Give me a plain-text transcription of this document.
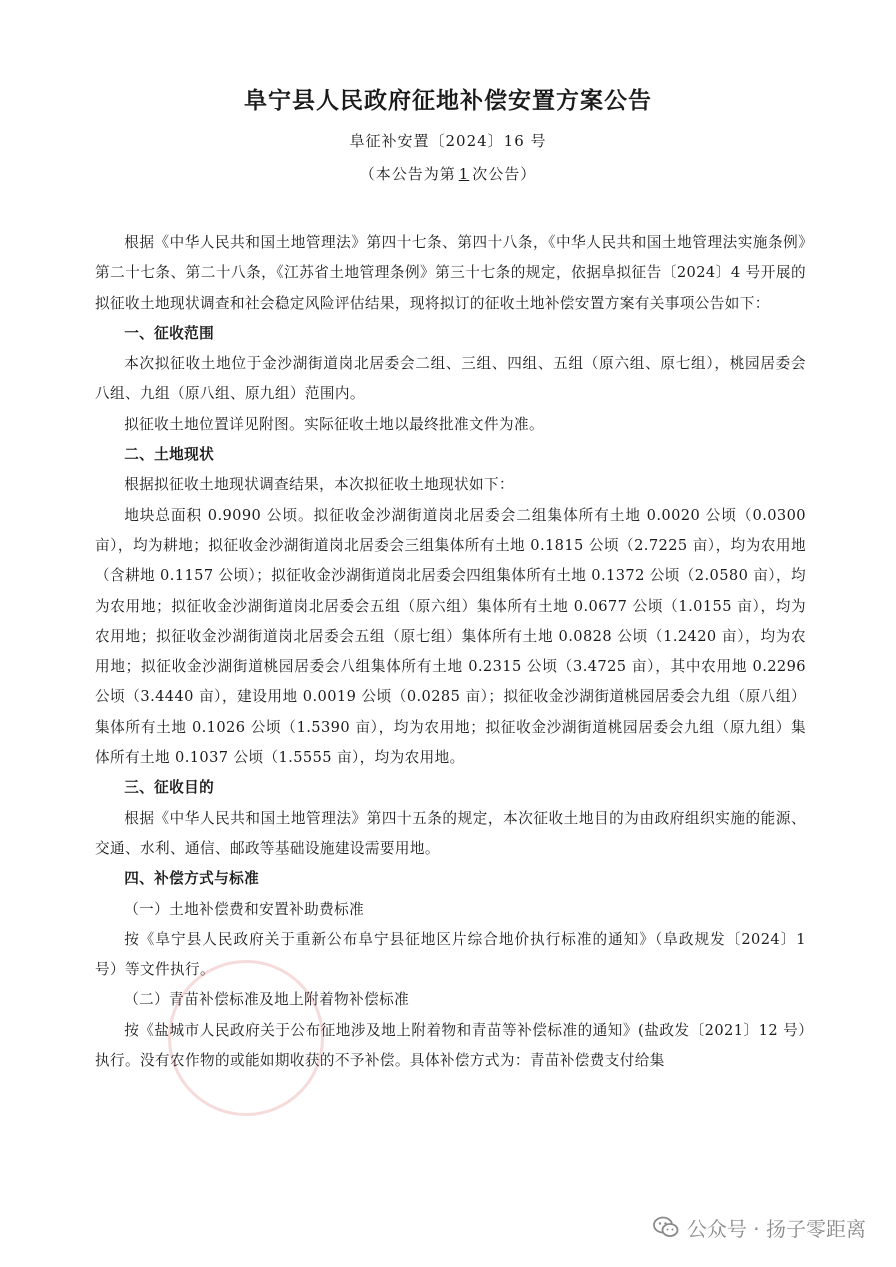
阜宁县人民政府征地补偿安置方案公告
阜征补安置〔2024〕16 号
（本公告为第 1 次公告）

根据《中华人民共和国土地管理法》第四十七条、第四十八条，《中华人民共和国土地管理法实施条例》第二十七条、第二十八条，《江苏省土地管理条例》第三十七条的规定，依据阜拟征告〔2024〕4 号开展的拟征收土地现状调查和社会稳定风险评估结果，现将拟订的征收土地补偿安置方案有关事项公告如下：

一、征收范围

本次拟征收土地位于金沙湖街道岗北居委会二组、三组、四组、五组（原六组、原七组），桃园居委会八组、九组（原八组、原九组）范围内。

拟征收土地位置详见附图。实际征收土地以最终批准文件为准。

二、土地现状

根据拟征收土地现状调查结果，本次拟征收土地现状如下：

地块总面积 0.9090 公顷。拟征收金沙湖街道岗北居委会二组集体所有土地 0.0020 公顷（0.0300 亩），均为耕地；拟征收金沙湖街道岗北居委会三组集体所有土地 0.1815 公顷（2.7225 亩），均为农用地（含耕地 0.1157 公顷）；拟征收金沙湖街道岗北居委会四组集体所有土地 0.1372 公顷（2.0580 亩），均为农用地；拟征收金沙湖街道岗北居委会五组（原六组）集体所有土地 0.0677 公顷（1.0155 亩），均为农用地；拟征收金沙湖街道岗北居委会五组（原七组）集体所有土地 0.0828 公顷（1.2420 亩），均为农用地；拟征收金沙湖街道桃园居委会八组集体所有土地 0.2315 公顷（3.4725 亩），其中农用地 0.2296 公顷（3.4440 亩），建设用地 0.0019 公顷（0.0285 亩）；拟征收金沙湖街道桃园居委会九组（原八组）集体所有土地 0.1026 公顷（1.5390 亩），均为农用地；拟征收金沙湖街道桃园居委会九组（原九组）集体所有土地 0.1037 公顷（1.5555 亩），均为农用地。

三、征收目的

根据《中华人民共和国土地管理法》第四十五条的规定，本次征收土地目的为由政府组织实施的能源、交通、水利、通信、邮政等基础设施建设需要用地。

四、补偿方式与标准

（一）土地补偿费和安置补助费标准

按《阜宁县人民政府关于重新公布阜宁县征地区片综合地价执行标准的通知》（阜政规发〔2024〕1 号）等文件执行。

（二）青苗补偿标准及地上附着物补偿标准

按《盐城市人民政府关于公布征地涉及地上附着物和青苗等补偿标准的通知》(盐政发〔2021〕12 号）执行。没有农作物的或能如期收获的不予补偿。具体补偿方式为：青苗补偿费支付给集

公众号 · 扬子零距离
